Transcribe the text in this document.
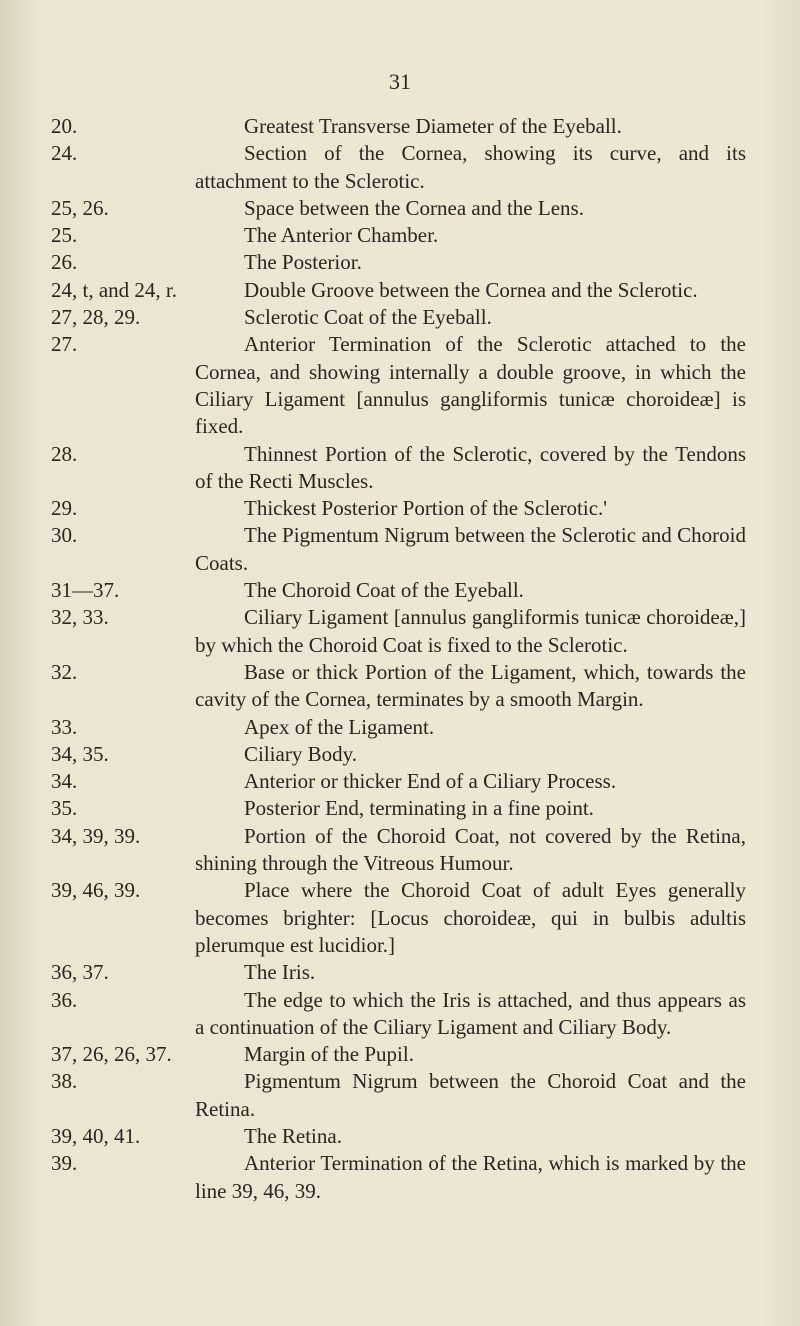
31

20.	Greatest Transverse Diameter of the Eyeball.

24.	Section of the Cornea, showing its curve, and its attachment to the Sclerotic.

25, 26.	Space between the Cornea and the Lens.

25.	The Anterior Chamber.

26.	The Posterior.

24, t, and 24, r.	Double Groove between the Cornea and the Sclerotic.

27, 28, 29.	Sclerotic Coat of the Eyeball.

27.	Anterior Termination of the Sclerotic attached to the Cornea, and showing internally a double groove, in which the Ciliary Ligament [annulus gangliformis tunicæ choroideæ] is fixed.

28.	Thinnest Portion of the Sclerotic, covered by the Tendons of the Recti Muscles.

29.	Thickest Posterior Portion of the Sclerotic.'

30.	The Pigmentum Nigrum between the Sclerotic and Choroid Coats.

31—37.	The Choroid Coat of the Eyeball.

32, 33.	Ciliary Ligament [annulus gangliformis tunicæ choroideæ,] by which the Choroid Coat is fixed to the Sclerotic.

32.	Base or thick Portion of the Ligament, which, towards the cavity of the Cornea, terminates by a smooth Margin.

33.	Apex of the Ligament.

34, 35.	Ciliary Body.

34.	Anterior or thicker End of a Ciliary Process.

35.	Posterior End, terminating in a fine point.

34, 39, 39.	Portion of the Choroid Coat, not covered by the Retina, shining through the Vitreous Humour.

39, 46, 39.	Place where the Choroid Coat of adult Eyes generally becomes brighter: [Locus choroideæ, qui in bulbis adultis plerumque est lucidior.]

36, 37.	The Iris.

36.	The edge to which the Iris is attached, and thus appears as a continuation of the Ciliary Ligament and Ciliary Body.

37, 26, 26, 37.	Margin of the Pupil.

38.	Pigmentum Nigrum between the Choroid Coat and the Retina.

39, 40, 41.	The Retina.

39.	Anterior Termination of the Retina, which is marked by the line 39, 46, 39.
